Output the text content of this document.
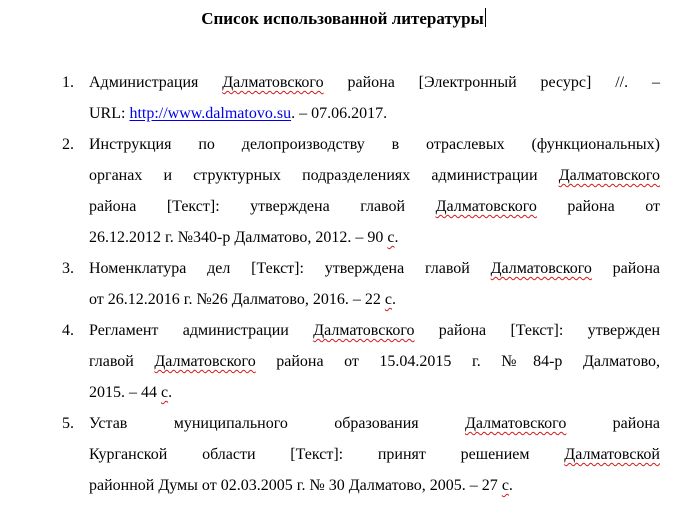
Список использованной литературы
1. Администрация Далматовского района [Электронный ресурс] //. –
URL: http://www.dalmatovo.su. – 07.06.2017.
2. Инструкция по делопроизводству в отраслевых (функциональных)
органах и структурных подразделениях администрации Далматовского
района [Текст]: утверждена главой Далматовского района от
26.12.2012 г. №340-р Далматово, 2012. – 90 с.
3. Номенклатура дел [Текст]: утверждена главой Далматовского района
от 26.12.2016 г. №26 Далматово, 2016. – 22 с.
4. Регламент администрации Далматовского района [Текст]: утвержден
главой Далматовского района от 15.04.2015 г. №84-р Далматово,
2015. – 44 с.
5. Устав муниципального образования Далматовского района
Курганской области [Текст]: принят решением Далматовской
районной Думы от 02.03.2005 г. № 30 Далматово, 2005. – 27 с.
